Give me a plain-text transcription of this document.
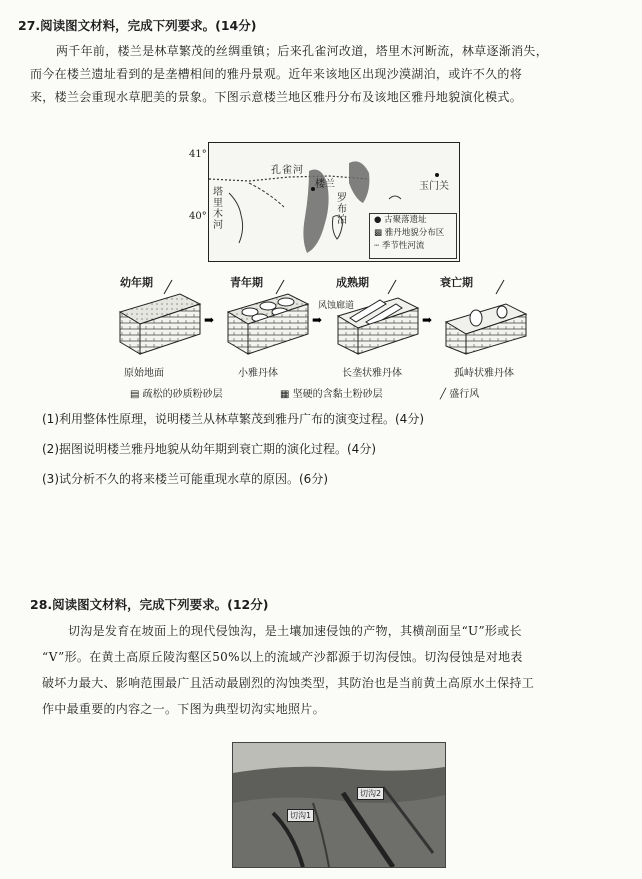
27.阅读图文材料，完成下列要求。(14分)
两千年前，楼兰是林草繁茂的丝绸重镇；后来孔雀河改道，塔里木河断流，林草逐渐消失，
而今在楼兰遗址看到的是垄槽相间的雅丹景观。近年来该地区出现沙漠湖泊，或许不久的将
来，楼兰会重现水草肥美的景象。下图示意楼兰地区雅丹分布及该地区雅丹地貌演化模式。
41°
40°
孔雀河
楼兰
塔里木河
罗布泊
玉门关
● 古聚落遗址
▩ 雅丹地貌分布区
┄ 季节性河流
➡	➡	➡
幼年期	青年期	成熟期	衰亡期
风蚀廊道
原始地面	小雅丹体	长垄状雅丹体	孤峙状雅丹体
▤ 疏松的砂质粉砂层	▦ 坚硬的含黏土粉砂层	╱ 盛行风
(1)利用整体性原理，说明楼兰从林草繁茂到雅丹广布的演变过程。(4分)
(2)据图说明楼兰雅丹地貌从幼年期到衰亡期的演化过程。(4分)
(3)试分析不久的将来楼兰可能重现水草的原因。(6分)
28.阅读图文材料，完成下列要求。(12分)
切沟是发育在坡面上的现代侵蚀沟，是土壤加速侵蚀的产物，其横剖面呈“U”形或长
“V”形。在黄土高原丘陵沟壑区50%以上的流域产沙都源于切沟侵蚀。切沟侵蚀是对地表
破坏力最大、影响范围最广且活动最剧烈的沟蚀类型，其防治也是当前黄土高原水土保持工
作中最重要的内容之一。下图为典型切沟实地照片。
切沟1
切沟2
